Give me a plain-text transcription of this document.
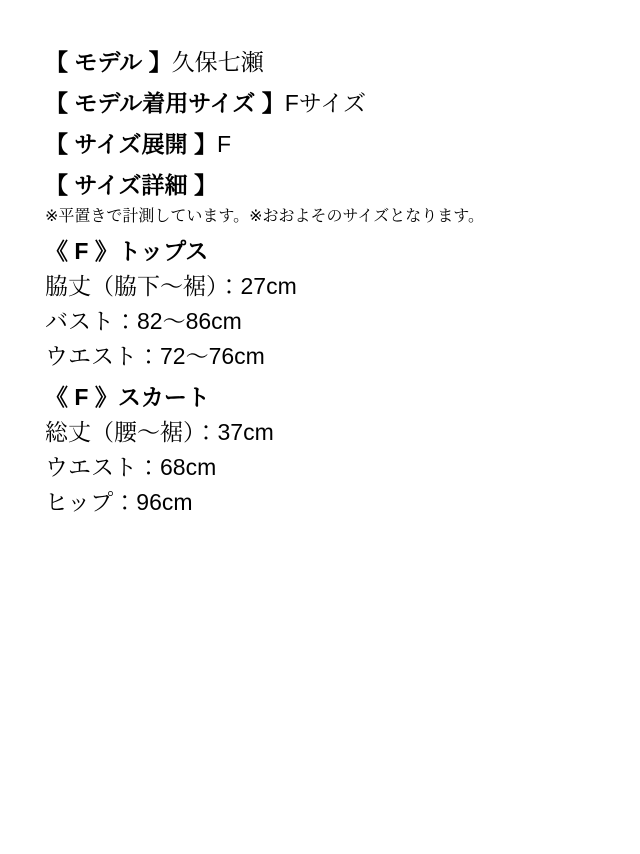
【 モデル 】久保七瀬

【 モデル着用サイズ 】Fサイズ

【 サイズ展開 】F

【 サイズ詳細 】

※平置きで計測しています。※おおよそのサイズとなります。

《 F 》トップス

脇丈（脇下〜裾）：27cm

バスト：82〜86cm

ウエスト：72〜76cm

《 F 》スカート

総丈（腰〜裾）：37cm

ウエスト：68cm

ヒップ：96cm
